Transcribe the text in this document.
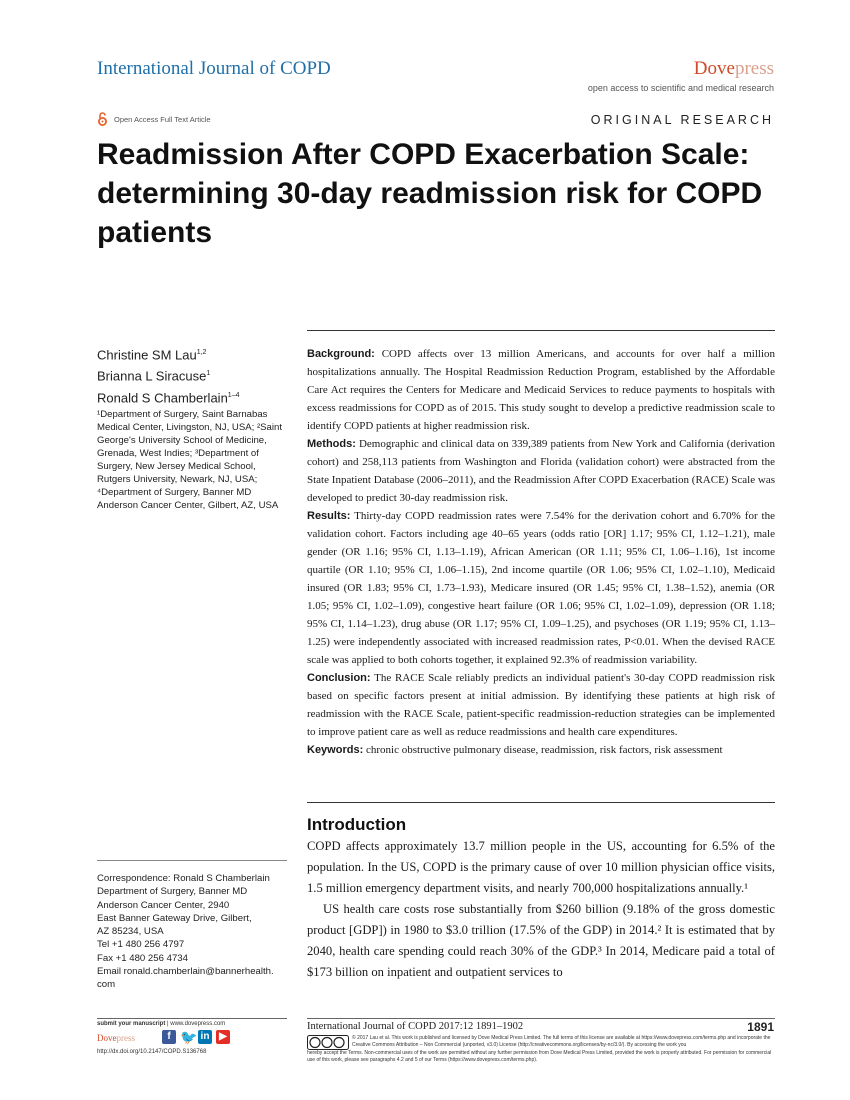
International Journal of COPD	Dovepress
open access to scientific and medical research
Open Access Full Text Article	ORIGINAL RESEARCH
Readmission After COPD Exacerbation Scale: determining 30-day readmission risk for COPD patients
Christine SM Lau$^{1,2}$
Brianna L Siracuse$^1$
Ronald S Chamberlain$^{1-4}$
¹Department of Surgery, Saint Barnabas Medical Center, Livingston, NJ, USA; ²Saint George's University School of Medicine, Grenada, West Indies; ³Department of Surgery, New Jersey Medical School, Rutgers University, Newark, NJ, USA; ⁴Department of Surgery, Banner MD Anderson Cancer Center, Gilbert, AZ, USA

Background: COPD affects over 13 million Americans, and accounts for over half a million hospitalizations annually. The Hospital Readmission Reduction Program, established by the Affordable Care Act requires the Centers for Medicare and Medicaid Services to reduce payments to hospitals with excess readmissions for COPD as of 2015. This study sought to develop a predictive readmission scale to identify COPD patients at higher readmission risk.

Methods: Demographic and clinical data on 339,389 patients from New York and California (derivation cohort) and 258,113 patients from Washington and Florida (validation cohort) were abstracted from the State Inpatient Database (2006–2011), and the Readmission After COPD Exacerbation (RACE) Scale was developed to predict 30-day readmission risk.

Results: Thirty-day COPD readmission rates were 7.54% for the derivation cohort and 6.70% for the validation cohort. Factors including age 40–65 years (odds ratio [OR] 1.17; 95% CI, 1.12–1.21), male gender (OR 1.16; 95% CI, 1.13–1.19), African American (OR 1.11; 95% CI, 1.06–1.16), 1st income quartile (OR 1.10; 95% CI, 1.06–1.15), 2nd income quartile (OR 1.06; 95% CI, 1.02–1.10), Medicaid insured (OR 1.83; 95% CI, 1.73–1.93), Medicare insured (OR 1.45; 95% CI, 1.38–1.52), anemia (OR 1.05; 95% CI, 1.02–1.09), congestive heart failure (OR 1.06; 95% CI, 1.02–1.09), depression (OR 1.18; 95% CI, 1.14–1.23), drug abuse (OR 1.17; 95% CI, 1.09–1.25), and psychoses (OR 1.19; 95% CI, 1.13–1.25) were independently associated with increased readmission rates, P<0.01. When the devised RACE scale was applied to both cohorts together, it explained 92.3% of readmission variability.

Conclusion: The RACE Scale reliably predicts an individual patient's 30-day COPD readmission risk based on specific factors present at initial admission. By identifying these patients at high risk of readmission with the RACE Scale, patient-specific readmission-reduction strategies can be implemented to improve patient care as well as reduce readmissions and health care expenditures.

Keywords: chronic obstructive pulmonary disease, readmission, risk factors, risk assessment

Introduction

COPD affects approximately 13.7 million people in the US, accounting for 6.5% of the population. In the US, COPD is the primary cause of over 10 million physician office visits, 1.5 million emergency department visits, and nearly 700,000 hospitalizations annually.¹

US health care costs rose substantially from $260 billion (9.18% of the gross domestic product [GDP]) in 1980 to $3.0 trillion (17.5% of the GDP) in 2014.² It is estimated that by 2040, health care spending could reach 30% of the GDP.³ In 2014, Medicare paid a total of $173 billion on inpatient and outpatient services to

Correspondence: Ronald S Chamberlain
Department of Surgery, Banner MD
Anderson Cancer Center, 2940
East Banner Gateway Drive, Gilbert,
AZ 85234, USA
Tel +1 480 256 4797
Fax +1 480 256 4734
Email ronald.chamberlain@bannerhealth.
com
submit your manuscript | www.dovepress.com
Dovepress	f 🐦 in ▶
http://dx.doi.org/10.2147/COPD.S136768
International Journal of COPD 2017:12 1891–1902	1891
© 2017 Lau et al. This work is published and licensed by Dove Medical Press Limited. The full terms of this license are available at https://www.dovepress.com/terms.php and incorporate the Creative Commons Attribution – Non Commercial (unported, v3.0) License (http://creativecommons.org/licenses/by-nc/3.0/). By accessing the work you
hereby accept the Terms. Non-commercial uses of the work are permitted without any further permission from Dove Medical Press Limited, provided the work is properly attributed. For permission for commercial use of this work, please see paragraphs 4.2 and 5 of our Terms (https://www.dovepress.com/terms.php).
